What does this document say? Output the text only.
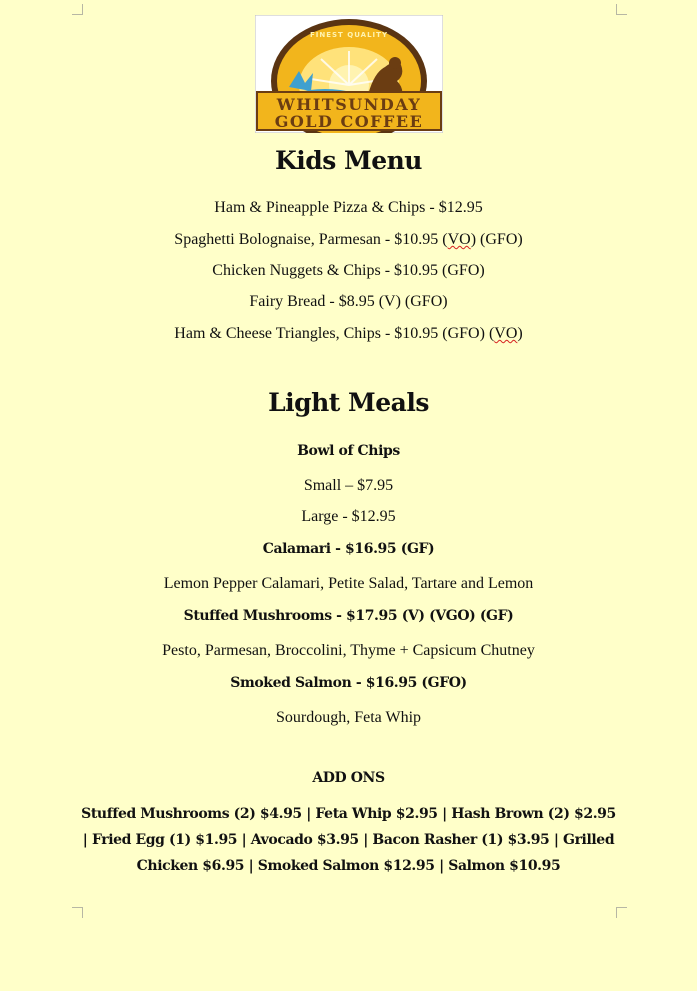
WHITSUNDAY
GOLD COFFEE
FINEST QUALITY
Kids Menu
Ham & Pineapple Pizza & Chips - $12.95
Spaghetti Bolognaise, Parmesan - $10.95 (VO) (GFO)
Chicken Nuggets & Chips - $10.95 (GFO)
Fairy Bread - $8.95 (V) (GFO)
Ham & Cheese Triangles, Chips - $10.95 (GFO) (VO)
Light Meals
Bowl of Chips
Small – $7.95
Large - $12.95
Calamari - $16.95 (GF)
Lemon Pepper Calamari, Petite Salad, Tartare and Lemon
Stuffed Mushrooms - $17.95 (V) (VGO) (GF)
Pesto, Parmesan, Broccolini, Thyme + Capsicum Chutney
Smoked Salmon - $16.95 (GFO)
Sourdough, Feta Whip
ADD ONS
Stuffed Mushrooms (2) $4.95 | Feta Whip $2.95 | Hash Brown (2) $2.95 | Fried Egg (1) $1.95 | Avocado $3.95 | Bacon Rasher (1) $3.95 | Grilled Chicken $6.95 | Smoked Salmon $12.95 | Salmon $10.95
